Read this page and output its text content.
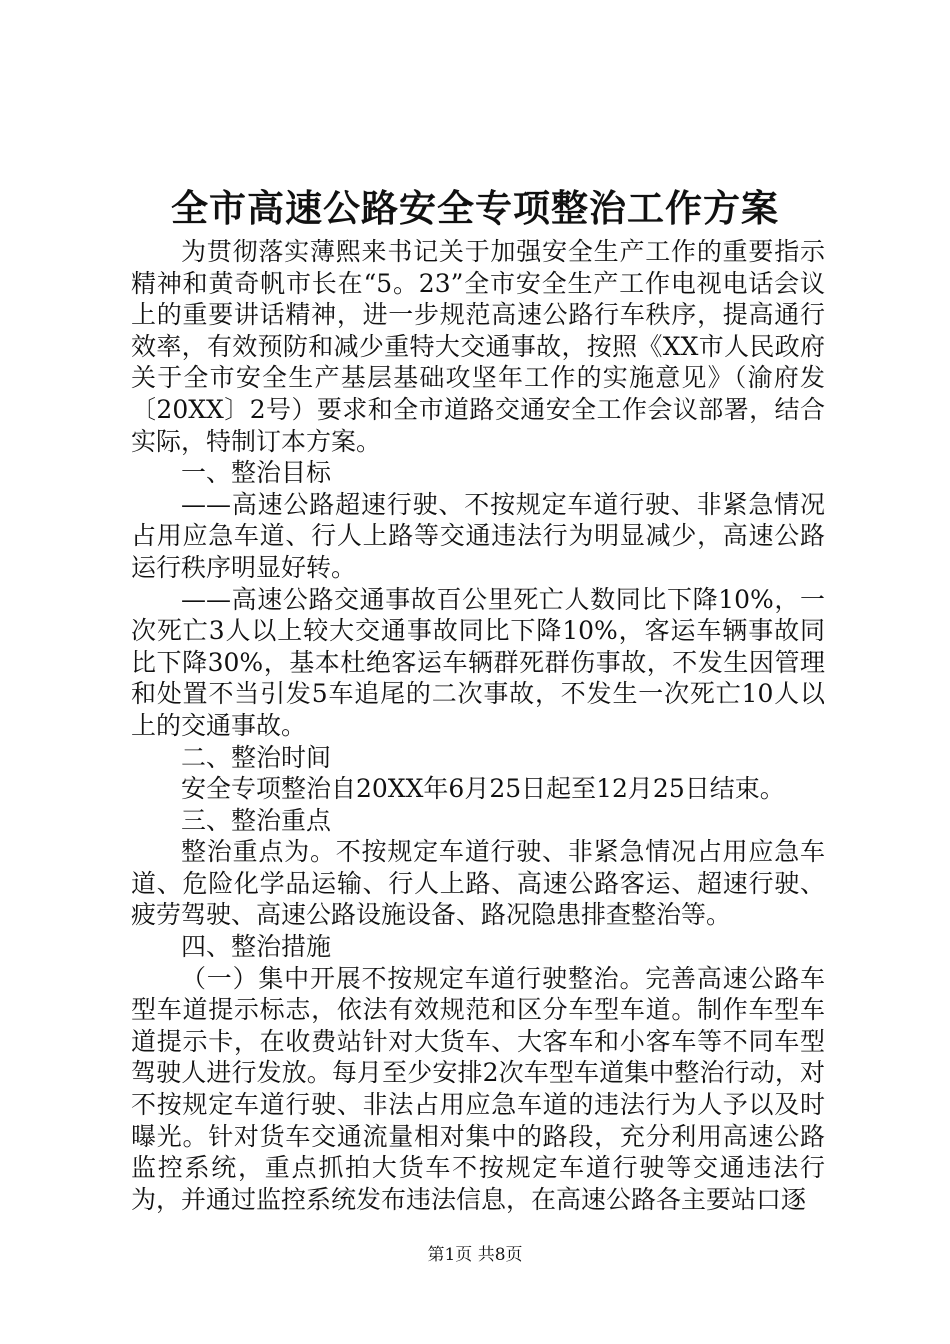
全市高速公路安全专项整治工作方案

为贯彻落实薄熙来书记关于加强安全生产工作的重要指示精神和黄奇帆市长在“5。23”全市安全生产工作电视电话会议上的重要讲话精神，进一步规范高速公路行车秩序，提高通行效率，有效预防和减少重特大交通事故，按照《XX市人民政府关于全市安全生产基层基础攻坚年工作的实施意见》（渝府发〔20XX〕2号）要求和全市道路交通安全工作会议部署，结合实际，特制订本方案。

一、整治目标

——高速公路超速行驶、不按规定车道行驶、非紧急情况占用应急车道、行人上路等交通违法行为明显减少，高速公路运行秩序明显好转。

——高速公路交通事故百公里死亡人数同比下降10%，一次死亡3人以上较大交通事故同比下降10%，客运车辆事故同比下降30%，基本杜绝客运车辆群死群伤事故，不发生因管理和处置不当引发5车追尾的二次事故，不发生一次死亡10人以上的交通事故。

二、整治时间

安全专项整治自20XX年6月25日起至12月25日结束。

三、整治重点

整治重点为。不按规定车道行驶、非紧急情况占用应急车道、危险化学品运输、行人上路、高速公路客运、超速行驶、疲劳驾驶、高速公路设施设备、路况隐患排查整治等。

四、整治措施

（一）集中开展不按规定车道行驶整治。完善高速公路车型车道提示标志，依法有效规范和区分车型车道。制作车型车道提示卡，在收费站针对大货车、大客车和小客车等不同车型驾驶人进行发放。每月至少安排2次车型车道集中整治行动，对不按规定车道行驶、非法占用应急车道的违法行为人予以及时曝光。针对货车交通流量相对集中的路段，充分利用高速公路监控系统，重点抓拍大货车不按规定车道行驶等交通违法行为，并通过监控系统发布违法信息，在高速公路各主要站口逐

第1页 共8页
